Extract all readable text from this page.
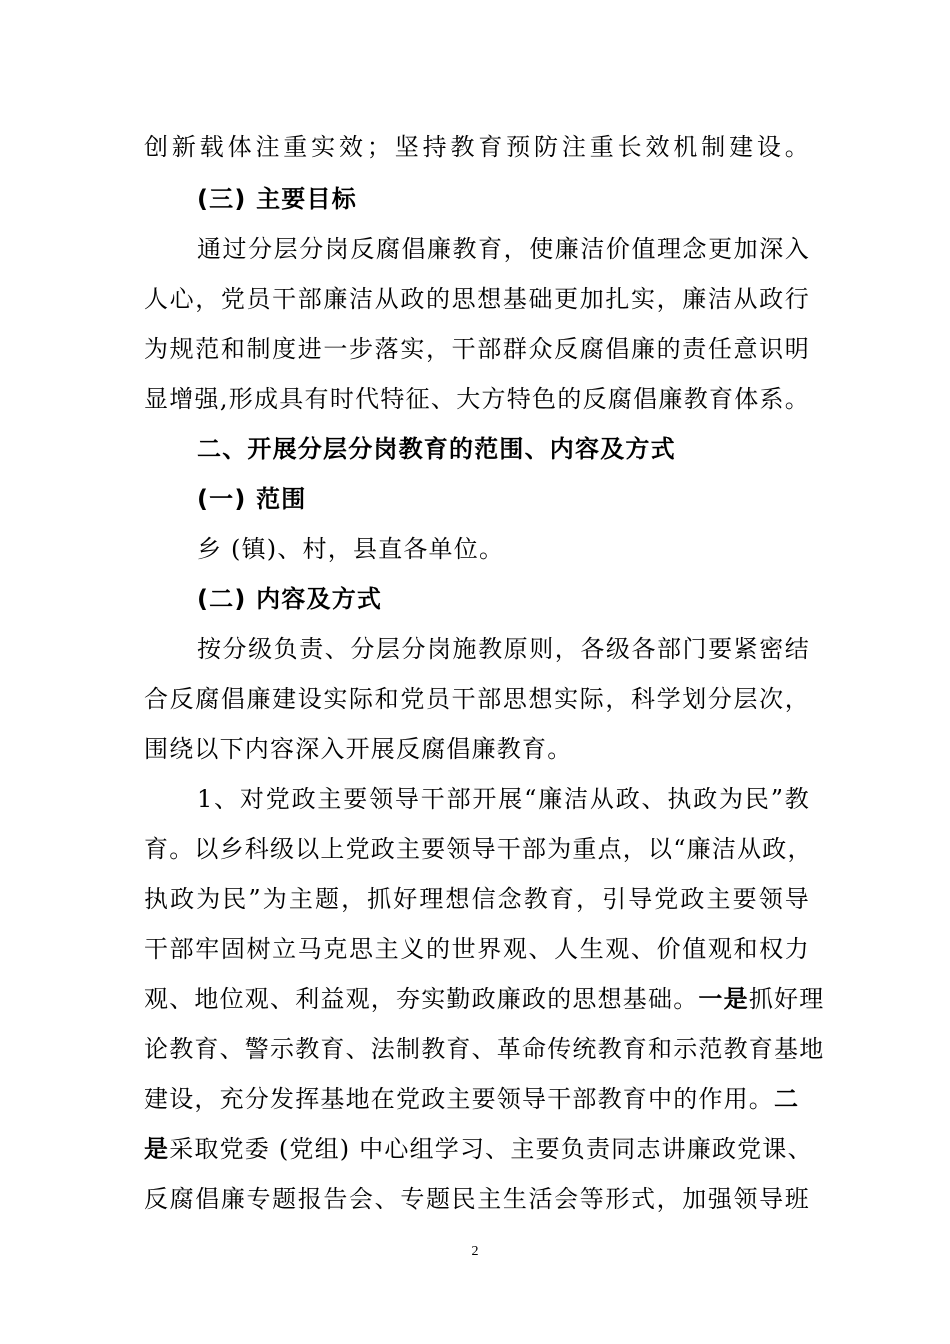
创新载体注重实效；坚持教育预防注重长效机制建设。
(三) 主要目标
通过分层分岗反腐倡廉教育，使廉洁价值理念更加深入
人心，党员干部廉洁从政的思想基础更加扎实，廉洁从政行
为规范和制度进一步落实，干部群众反腐倡廉的责任意识明
显增强,形成具有时代特征、大方特色的反腐倡廉教育体系。
二、开展分层分岗教育的范围、内容及方式
(一) 范围
乡 (镇)、村，县直各单位。
(二) 内容及方式
按分级负责、分层分岗施教原则，各级各部门要紧密结
合反腐倡廉建设实际和党员干部思想实际，科学划分层次，
围绕以下内容深入开展反腐倡廉教育。
1、对党政主要领导干部开展“廉洁从政、执政为民”教
育。以乡科级以上党政主要领导干部为重点，以“廉洁从政，
执政为民”为主题，抓好理想信念教育，引导党政主要领导
干部牢固树立马克思主义的世界观、人生观、价值观和权力
观、地位观、利益观，夯实勤政廉政的思想基础。一是抓好理
论教育、警示教育、法制教育、革命传统教育和示范教育基地
建设，充分发挥基地在党政主要领导干部教育中的作用。二
是采取党委 (党组) 中心组学习、主要负责同志讲廉政党课、
反腐倡廉专题报告会、专题民主生活会等形式，加强领导班
2
